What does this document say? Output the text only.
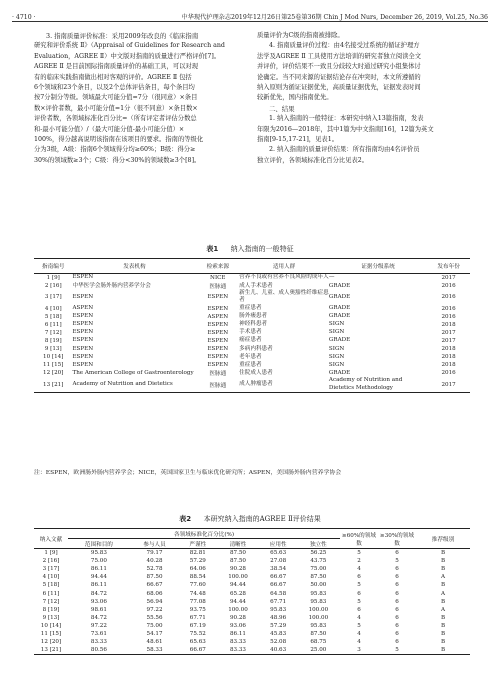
· 4710 ·	中华现代护理杂志2019年12月26日第25卷第36期 Chin J Mod Nurs, December 26, 2019, Vol.25, No.36
3. 指南质量评价标准：采用2009年改良的《临床指南

研究和评价系统 Ⅱ》（Appraisal of Guidelines for Research and

Evaluation，AGREE Ⅱ）中文版对指南的质量进行严格评价[7]。

AGREE Ⅱ 是目前国际指南质量评价的基础工具，可以对现

有的临床实践指南做出相对客观的评价。AGREE Ⅱ 包括

6个领域和23个条目，以及2个总体评估条目，每个条目均

按7分制分等级。领域最大可能分值=7分（很同意）×条目

数×评价者数，最小可能分值=1分（很不同意）×条目数×

评价者数，各领域标准化百分比=（所有评定者评估分数总

和-最小可能分值）/（最大可能分值-最小可能分值）×

100%，得分越高说明该指南在该项目的要求。指南的等级化

分为3级，A级：指南6个领域得分均≥60%；B级：得分≥

30%的领域数≥3个；C级：得分<30%的领域数≥3个[8]。

质量评价为C级的指南被排除。

4. 指南质量评价过程：由4名接受过系统的循证护理方

法学及AGREE Ⅱ 工具使用方法培训的研究者独立阅读全文

并评价，评价结果不一致且分歧较大时通过研究小组集体讨

论确定。当不同来源的证据结论存在冲突时，本文所遵循的

纳入原则为循证证据优先，高质量证据优先，证据发表时间

较新优先，国内指南优先。

二、结果

1. 纳入指南的一般特征：本研究中纳入13篇指南，发表

年限为2016—2018年，其中1篇为中文指南[16]，12篇为英文

指南[9-15,17-21]，见表1。

2. 纳入指南的质量评价结果：所有指南均由4名评价员

独立评价，各领域标准化百分比见表2。

表1 纳入指南的一般特征
指南编号	发表机构	检索来源	适用人群	证据分级系统	发布年份
1 [9]	ESPEN	NICE	营养不良或有营养不良风险的成年人	—	2017
2 [16]	中华医学会肠外肠内营养学分会	医脉通	成人手术患者	GRADE	2016
3 [17]	ESPEN	ESPEN	新生儿、儿童、成人奥豁性纤维症患者	GRADE	2016
4 [10]	ASPEN	ESPEN	重症患者	GRADE	2016
5 [18]	ESPEN	ASPEN	肠外瘘患者	GRADE	2016
6 [11]	ESPEN	ESPEN	神经科患者	SIGN	2018
7 [12]	ESPEN	ESPEN	手术患者	SIGN	2017
8 [19]	ESPEN	ESPEN	癌症患者	GRADE	2017
9 [13]	ESPEN	ESPEN	多病内科患者	SIGN	2018
10 [14]	ESPEN	ESPEN	老年患者	SIGN	2018
11 [15]	ESPEN	ESPEN	重症患者	SIGN	2018
12 [20]	The American College of Gastroenterology	医脉通	住院成人患者	GRADE	2016
13 [21]	Academy of Nutrition and Dietetics	医脉通	成人肿瘤患者	Academy of Nutrition and Dietetics Methodology	2017
注：ESPEN，欧洲肠外肠内营养学会；NICE，英国国家卫生与临床优化研究所；ASPEN，美国肠外肠内营养学协会
表2 本研究纳入指南的AGREE Ⅱ评价结果
纳入文献	各领域标准化百分比(%)						≥60%的领域数	≥30%的领域数	推荐级别
	范围和目的	参与人员	严谨性	清晰性	应用性	独立性			
1 [9]	95.83	79.17	82.81	87.50	65.63	56.25	5	6	B
2 [16]	75.00	40.28	57.29	87.50	27.08	43.75	2	5	B
3 [17]	86.11	52.78	64.06	90.28	38.54	75.00	4	6	B
4 [10]	94.44	87.50	88.54	100.00	66.67	87.50	6	6	A
5 [18]	86.11	66.67	77.60	94.44	66.67	50.00	5	6	B
6 [11]	84.72	68.06	74.48	65.28	64.58	95.83	6	6	A
7 [12]	93.06	56.94	77.08	94.44	67.71	95.83	5	6	B
8 [19]	98.61	97.22	93.75	100.00	95.83	100.00	6	6	A
9 [13]	84.72	55.56	67.71	90.28	48.96	100.00	4	6	B
10 [14]	97.22	75.00	67.19	93.06	57.29	95.83	5	6	B
11 [15]	73.61	54.17	75.52	86.11	45.83	87.50	4	6	B
12 [20]	83.33	48.61	65.63	83.33	52.08	68.75	4	6	B
13 [21]	80.56	58.33	66.67	83.33	40.63	25.00	3	5	B
